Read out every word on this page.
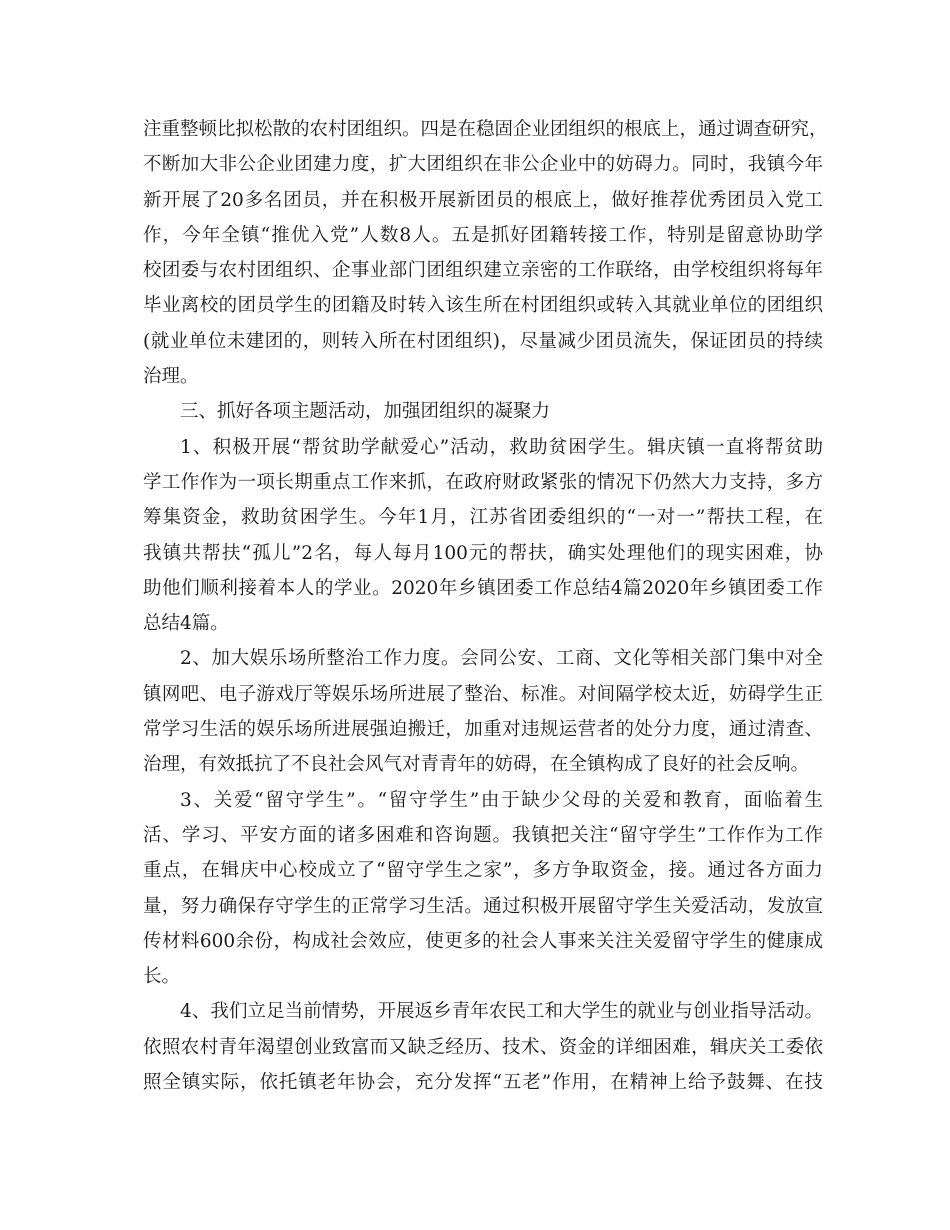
注重整顿比拟松散的农村团组织。四是在稳固企业团组织的根底上，通过调查研究，
不断加大非公企业团建力度，扩大团组织在非公企业中的妨碍力。同时，我镇今年
新开展了20多名团员，并在积极开展新团员的根底上，做好推荐优秀团员入党工
作，今年全镇“推优入党”人数8人。五是抓好团籍转接工作，特别是留意协助学
校团委与农村团组织、企事业部门团组织建立亲密的工作联络，由学校组织将每年
毕业离校的团员学生的团籍及时转入该生所在村团组织或转入其就业单位的团组织
(就业单位未建团的，则转入所在村团组织)，尽量减少团员流失，保证团员的持续
治理。
三、抓好各项主题活动，加强团组织的凝聚力
1、积极开展“帮贫助学献爱心”活动，救助贫困学生。辑庆镇一直将帮贫助
学工作作为一项长期重点工作来抓，在政府财政紧张的情况下仍然大力支持，多方
筹集资金，救助贫困学生。今年1月，江苏省团委组织的“一对一”帮扶工程，在
我镇共帮扶“孤儿”2名，每人每月100元的帮扶，确实处理他们的现实困难，协
助他们顺利接着本人的学业。2020年乡镇团委工作总结4篇2020年乡镇团委工作
总结4篇。
2、加大娱乐场所整治工作力度。会同公安、工商、文化等相关部门集中对全
镇网吧、电子游戏厅等娱乐场所进展了整治、标准。对间隔学校太近，妨碍学生正
常学习生活的娱乐场所进展强迫搬迁，加重对违规运营者的处分力度，通过清查、
治理，有效抵抗了不良社会风气对青青年的妨碍，在全镇构成了良好的社会反响。
3、关爱“留守学生”。“留守学生”由于缺少父母的关爱和教育，面临着生
活、学习、平安方面的诸多困难和咨询题。我镇把关注“留守学生”工作作为工作
重点，在辑庆中心校成立了“留守学生之家”，多方争取资金，接。通过各方面力
量，努力确保存守学生的正常学习生活。通过积极开展留守学生关爱活动，发放宣
传材料600余份，构成社会效应，使更多的社会人事来关注关爱留守学生的健康成
长。
4、我们立足当前情势，开展返乡青年农民工和大学生的就业与创业指导活动。
依照农村青年渴望创业致富而又缺乏经历、技术、资金的详细困难，辑庆关工委依
照全镇实际，依托镇老年协会，充分发挥“五老”作用，在精神上给予鼓舞、在技
